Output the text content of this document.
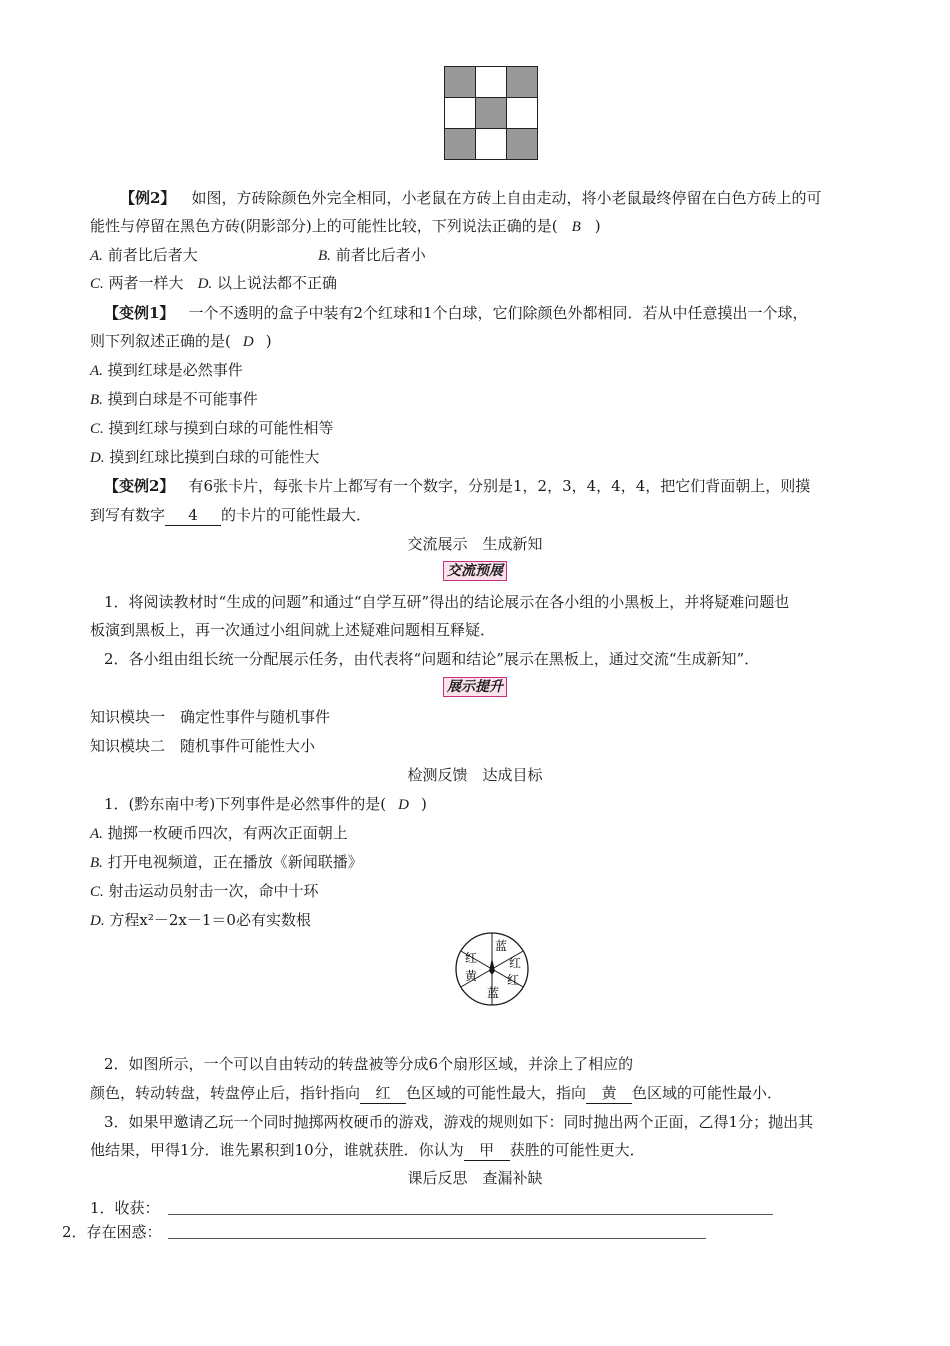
【例2】 如图，方砖除颜色外完全相同，小老鼠在方砖上自由走动，将小老鼠最终停留在白色方砖上的可
能性与停留在黑色方砖(阴影部分)上的可能性比较，下列说法正确的是( B )
A. 前者比后者大	B. 前者比后者小
C. 两者一样大 D. 以上说法都不正确
【变例1】 一个不透明的盒子中装有2个红球和1个白球，它们除颜色外都相同．若从中任意摸出一个球，
则下列叙述正确的是( D )
A. 摸到红球是必然事件
B. 摸到白球是不可能事件
C. 摸到红球与摸到白球的可能性相等
D. 摸到红球比摸到白球的可能性大
【变例2】 有6张卡片，每张卡片上都写有一个数字，分别是1，2，3，4，4，4，把它们背面朝上，则摸
到写有数字 4 的卡片的可能性最大．
交流展示　生成新知
交流预展
1．将阅读教材时“生成的问题”和通过“自学互研”得出的结论展示在各小组的小黑板上，并将疑难问题也
板演到黑板上，再一次通过小组间就上述疑难问题相互释疑．
2．各小组由组长统一分配展示任务，由代表将“问题和结论”展示在黑板上，通过交流“生成新知”．
展示提升
知识模块一　确定性事件与随机事件
知识模块二　随机事件可能性大小
检测反馈　达成目标
1．(黔东南中考)下列事件是必然事件的是( D )
A. 抛掷一枚硬币四次，有两次正面朝上
B. 打开电视频道，正在播放《新闻联播》
C. 射击运动员射击一次，命中十环
D. 方程x²－2x－1＝0必有实数根
蓝
红
红
蓝
黄
红
2．如图所示，一个可以自由转动的转盘被等分成6个扇形区域，并涂上了相应的
颜色，转动转盘，转盘停止后，指针指向 红 色区域的可能性最大，指向 黄 色区域的可能性最小．
3．如果甲邀请乙玩一个同时抛掷两枚硬币的游戏，游戏的规则如下：同时抛出两个正面，乙得1分；抛出其
他结果，甲得1分．谁先累积到10分，谁就获胜．你认为 甲 获胜的可能性更大．
课后反思　查漏补缺
1．收获：
2．存在困惑：
